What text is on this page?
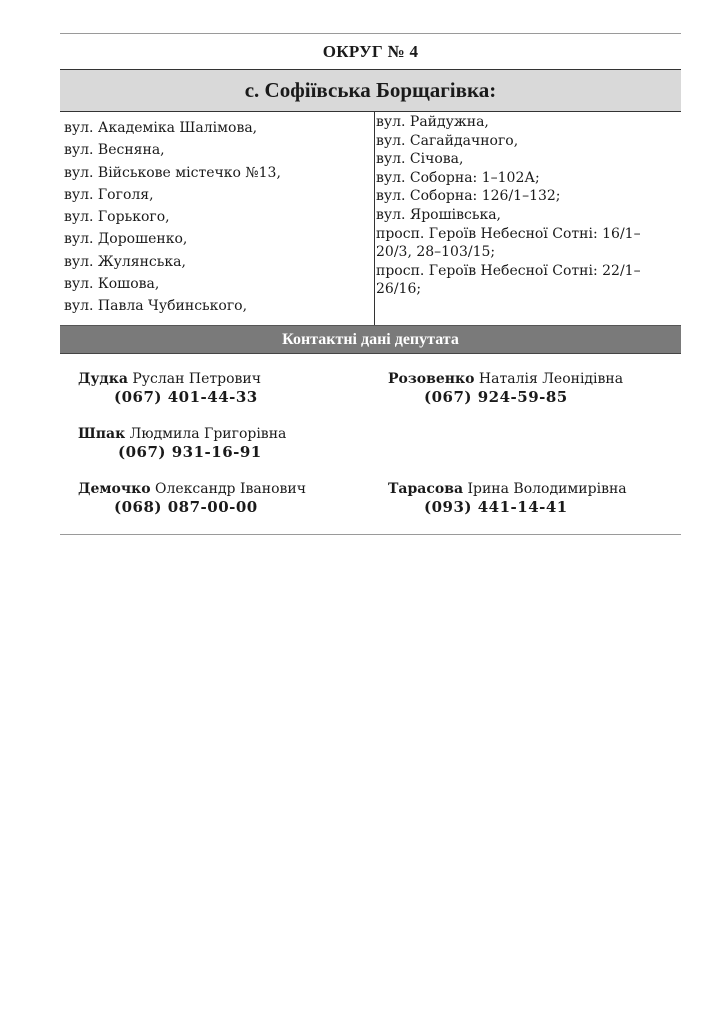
ОКРУГ № 4
с. Софіївська Борщагівка:
вул. Академіка Шалімова,
вул. Весняна,
вул. Військове містечко №13,
вул. Гоголя,
вул. Горького,
вул. Дорошенко,
вул. Жулянська,
вул. Кошова,
вул. Павла Чубинського,
вул. Райдужна,
вул. Сагайдачного,
вул. Січова,
вул. Соборна: 1–102А;
вул. Соборна: 126/1–132;
вул. Ярошівська,
просп. Героїв Небесної Сотні: 16/1–20/3, 28–103/15;
просп. Героїв Небесної Сотні: 22/1–26/16;
Контактні дані депутата
Дудка Руслан Петрович
(067) 401-44-33
Шпак Людмила Григорівна
(067) 931-16-91
Демочко Олександр Іванович
(068) 087-00-00
Розовенко Наталія Леонідівна
(067) 924-59-85
Тарасова Ірина Володимирівна
(093) 441-14-41
